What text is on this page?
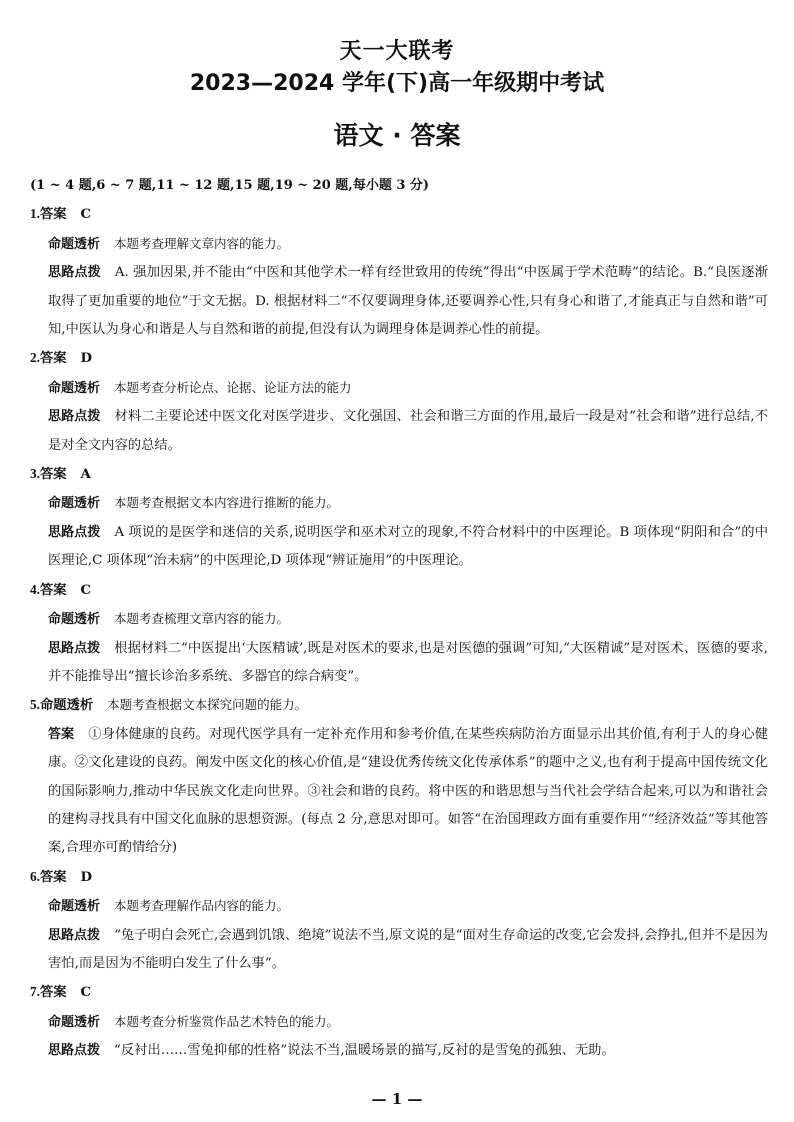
天一大联考
2023—2024 学年(下)高一年级期中考试
语文 · 答案
(1 ~ 4 题,6 ~ 7 题,11 ~ 12 题,15 题,19 ~ 20 题,每小题 3 分)
1.答案 C
命题透析 本题考查理解文章内容的能力。
思路点拨 A. 强加因果,并不能由“中医和其他学术一样有经世致用的传统”得出“中医属于学术范畴”的结论。B.“良医逐渐取得了更加重要的地位”于文无据。D. 根据材料二“不仅要调理身体,还要调养心性,只有身心和谐了,才能真正与自然和谐”可知,中医认为身心和谐是人与自然和谐的前提,但没有认为调理身体是调养心性的前提。
2.答案 D
命题透析 本题考查分析论点、论据、论证方法的能力
思路点拨 材料二主要论述中医文化对医学进步、文化强国、社会和谐三方面的作用,最后一段是对“社会和谐”进行总结,不是对全文内容的总结。
3.答案 A
命题透析 本题考查根据文本内容进行推断的能力。
思路点拨 A 项说的是医学和迷信的关系,说明医学和巫术对立的现象,不符合材料中的中医理论。B 项体现“阴阳和合”的中医理论,C 项体现“治未病”的中医理论,D 项体现“辨证施用”的中医理论。
4.答案 C
命题透析 本题考查梳理文章内容的能力。
思路点拨 根据材料二“中医提出‘大医精诚’,既是对医术的要求,也是对医德的强调”可知,“大医精诚”是对医术、医德的要求,并不能推导出“擅长诊治多系统、多器官的综合病变”。
5.命题透析 本题考查根据文本探究问题的能力。
答案 ①身体健康的良药。对现代医学具有一定补充作用和参考价值,在某些疾病防治方面显示出其价值,有利于人的身心健康。②文化建设的良药。阐发中医文化的核心价值,是“建设优秀传统文化传承体系”的题中之义,也有利于提高中国传统文化的国际影响力,推动中华民族文化走向世界。③社会和谐的良药。将中医的和谐思想与当代社会学结合起来,可以为和谐社会的建构寻找具有中国文化血脉的思想资源。(每点 2 分,意思对即可。如答“在治国理政方面有重要作用”“经济效益”等其他答案,合理亦可酌情给分)
6.答案 D
命题透析 本题考查理解作品内容的能力。
思路点拨 “兔子明白会死亡,会遇到饥饿、绝境”说法不当,原文说的是“面对生存命运的改变,它会发抖,会挣扎,但并不是因为害怕,而是因为不能明白发生了什么事”。
7.答案 C
命题透析 本题考查分析鉴赏作品艺术特色的能力。
思路点拨 “反衬出……雪兔抑郁的性格”说法不当,温暖场景的描写,反衬的是雪兔的孤独、无助。
— 1 —
